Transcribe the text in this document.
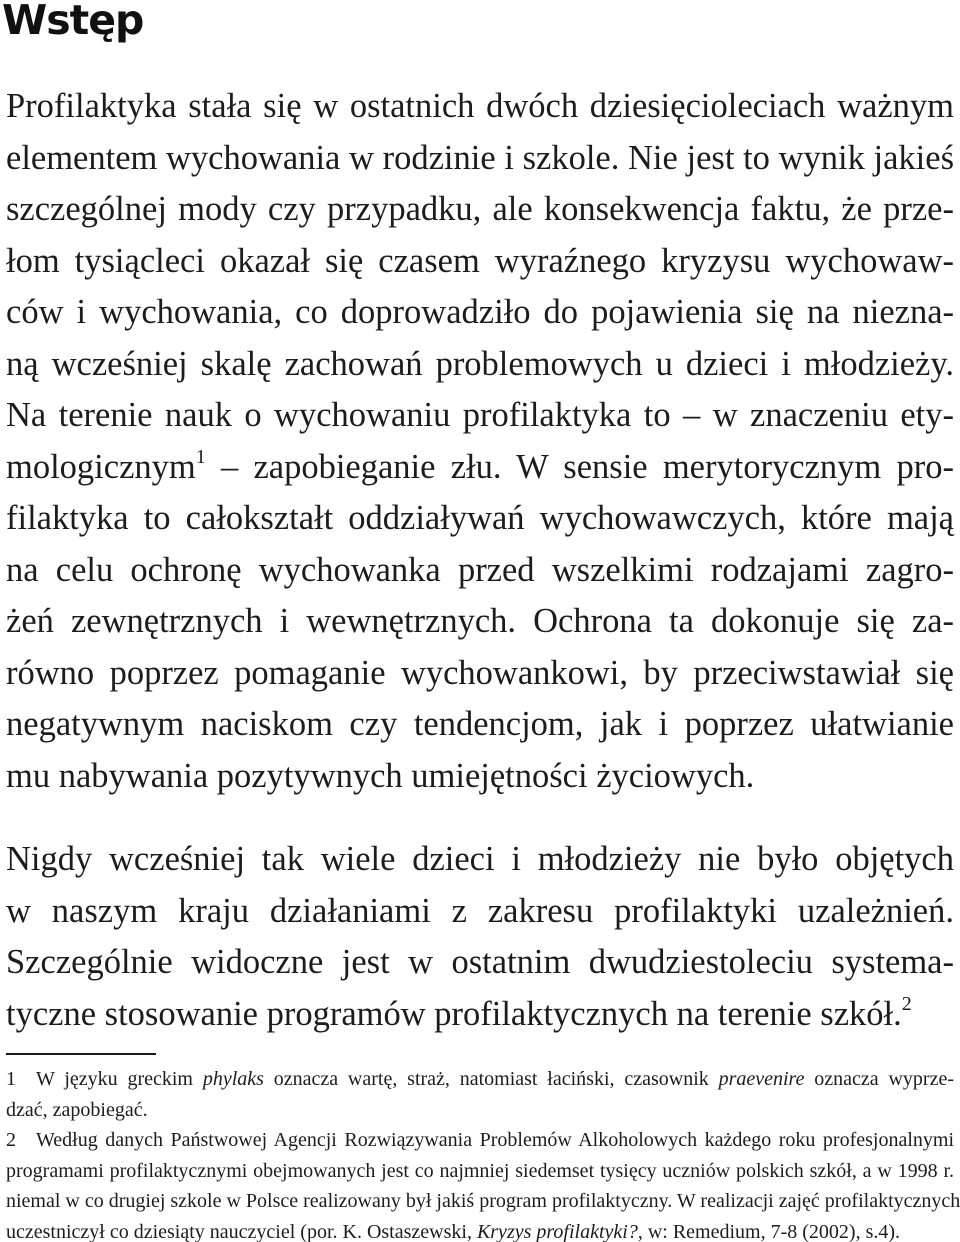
Wstęp
Profilaktyka stała się w ostatnich dwóch dziesięcioleciach ważnym
elementem wychowania w rodzinie i szkole. Nie jest to wynik jakieś
szczególnej mody czy przypadku, ale konsekwencja faktu, że prze-
łom tysiącleci okazał się czasem wyraźnego kryzysu wychowaw-
ców i wychowania, co doprowadziło do pojawienia się na niezna-
ną wcześniej skalę zachowań problemowych u dzieci i młodzieży.
Na terenie nauk o wychowaniu profilaktyka to – w znaczeniu ety-
mologicznym$^1$ – zapobieganie złu. W sensie merytorycznym pro-
filaktyka to całokształt oddziaływań wychowawczych, które mają
na celu ochronę wychowanka przed wszelkimi rodzajami zagro-
żeń zewnętrznych i wewnętrznych. Ochrona ta dokonuje się za-
równo poprzez pomaganie wychowankowi, by przeciwstawiał się
negatywnym naciskom czy tendencjom, jak i poprzez ułatwianie
mu nabywania pozytywnych umiejętności życiowych.
Nigdy wcześniej tak wiele dzieci i młodzieży nie było objętych
w naszym kraju działaniami z zakresu profilaktyki uzależnień.
Szczególnie widoczne jest w ostatnim dwudziestoleciu systema-
tyczne stosowanie programów profilaktycznych na terenie szkół.$^2$
1 W języku greckim phylaks oznacza wartę, straż, natomiast łaciński, czasownik praevenire oznacza wyprze-
dzać, zapobiegać.
2 Według danych Państwowej Agencji Rozwiązywania Problemów Alkoholowych każdego roku profesjonalnymi
programami profilaktycznymi obejmowanych jest co najmniej siedemset tysięcy uczniów polskich szkół, a w 1998 r.
niemal w co drugiej szkole w Polsce realizowany był jakiś program profilaktyczny. W realizacji zajęć profilaktycznych
uczestniczył co dziesiąty nauczyciel (por. K. Ostaszewski, Kryzys profilaktyki?, w: Remedium, 7-8 (2002), s.4).
